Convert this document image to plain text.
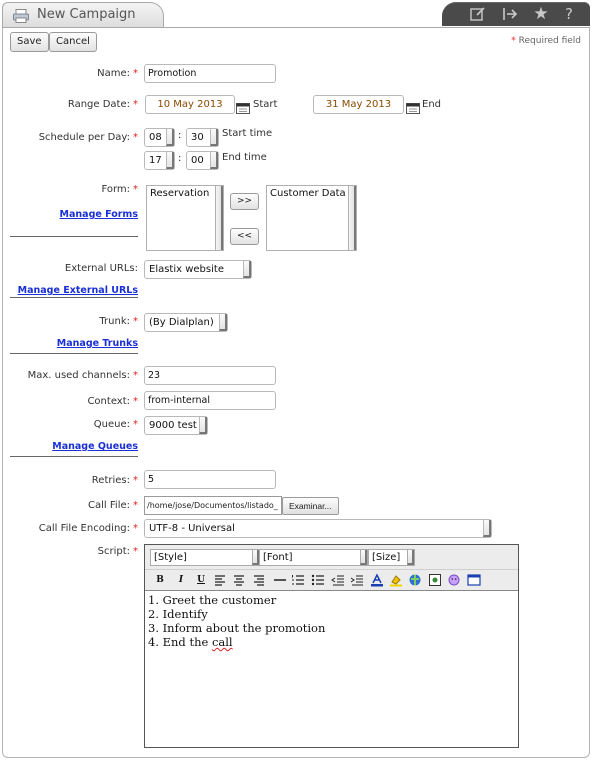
New Campaign	★	?
Save	Cancel	* Required field
Name: *	Promotion
Range Date: *	10 May 2013	Start	31 May 2013	End
Schedule per Day: *	08	: 30	Start time
17	: 00	End time
Form: *
Manage Forms
Reservation
>>
<<
Customer Data
External URLs:	Elastix website
Manage External URLs
Trunk: *	(By Dialplan)
Manage Trunks
Max. used channels: *	23
Context: *	from-internal
Queue: *	9000 test
Manage Queues
Retries: *	5
Call File: *	/home/jose/Documentos/listado_	Examinar...
Call File Encoding: *	UTF-8 - Universal
Script: *
[Style]	[Font]	[Size]
B	I	U
1. Greet the customer
2. Identify
3. Inform about the promotion
4. End the call
